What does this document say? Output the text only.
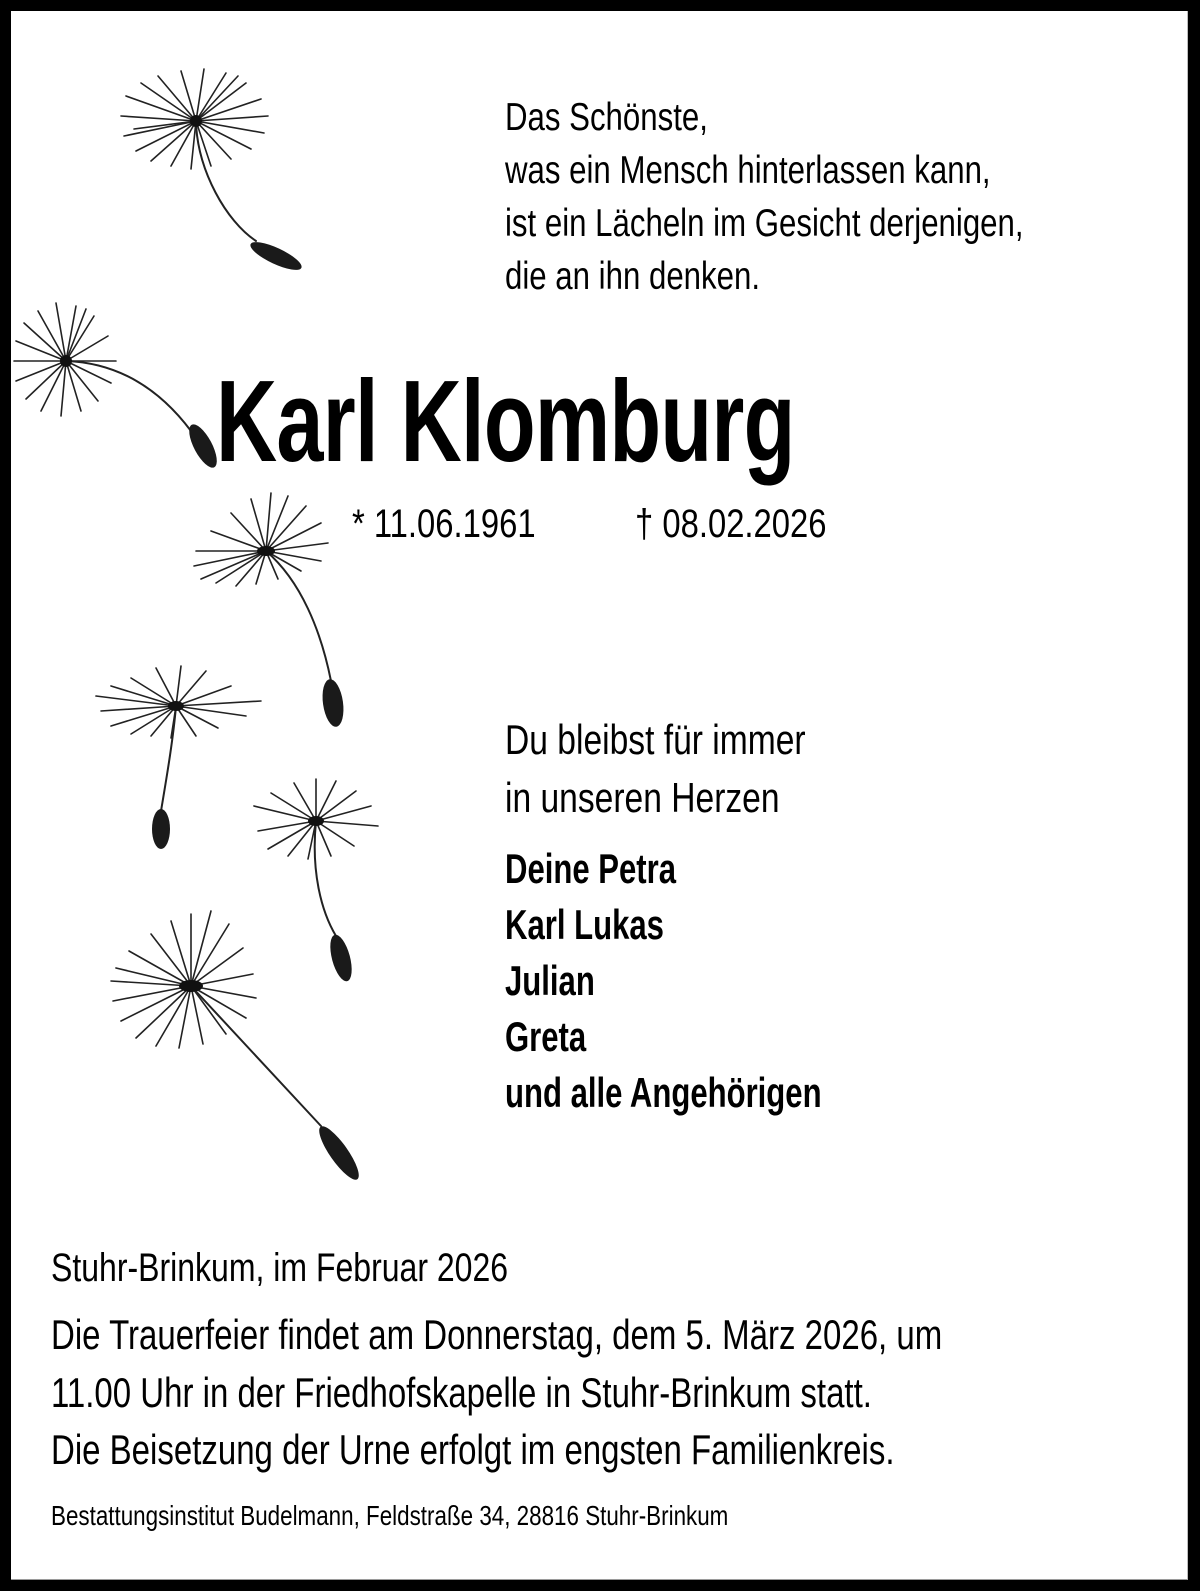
Das Schönste,
was ein Mensch hinterlassen kann,
ist ein Lächeln im Gesicht derjenigen,
die an ihn denken.
Karl Klomburg
* 11.06.1961	† 08.02.2026
Du bleibst für immer
in unseren Herzen
Deine Petra
Karl Lukas
Julian
Greta
und alle Angehörigen
Stuhr-Brinkum, im Februar 2026
Die Trauerfeier findet am Donnerstag, dem 5. März 2026, um
11.00 Uhr in der Friedhofskapelle in Stuhr-Brinkum statt.
Die Beisetzung der Urne erfolgt im engsten Familienkreis.
Bestattungsinstitut Budelmann, Feldstraße 34, 28816 Stuhr-Brinkum
